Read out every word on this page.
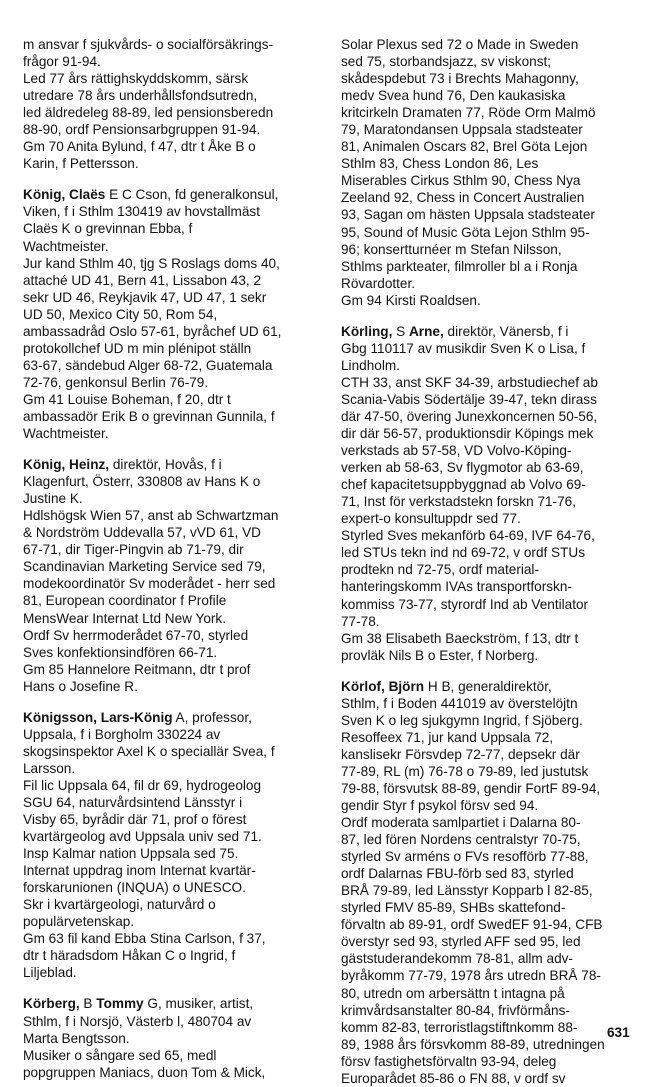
m ansvar f sjukvårds- o socialförsäkrings-
frågor 91-94.
Led 77 års rättighskyddskomm, särsk
utredare 78 års underhållsfondsutredn,
led äldredeleg 88-89, led pensionsberedn
88-90, ordf Pensionsarbgruppen 91-94.
Gm 70 Anita Bylund, f 47, dtr t Åke B o
Karin, f Pettersson.
König, Claës E C Cson, fd generalkonsul,
Viken, f i Sthlm 130419 av hovstallmäst
Claës K o grevinnan Ebba, f
Wachtmeister.
Jur kand Sthlm 40, tjg S Roslags doms 40,
attaché UD 41, Bern 41, Lissabon 43, 2
sekr UD 46, Reykjavik 47, UD 47, 1 sekr
UD 50, Mexico City 50, Rom 54,
ambassadråd Oslo 57-61, byråchef UD 61,
protokollchef UD m min plénipot ställn
63-67, sändebud Alger 68-72, Guatemala
72-76, genkonsul Berlin 76-79.
Gm 41 Louise Boheman, f 20, dtr t
ambassadör Erik B o grevinnan Gunnila, f
Wachtmeister.
König, Heinz, direktör, Hovås, f i
Klagenfurt, Österr, 330808 av Hans K o
Justine K.
Hdlshögsk Wien 57, anst ab Schwartzman
& Nordström Uddevalla 57, vVD 61, VD
67-71, dir Tiger-Pingvin ab 71-79, dir
Scandinavian Marketing Service sed 79,
modekoordinatör Sv moderådet - herr sed
81, European coordinator f Profile
MensWear Internat Ltd New York.
Ordf Sv herrmoderådet 67-70, styrled
Sves konfektionsindfören 66-71.
Gm 85 Hannelore Reitmann, dtr t prof
Hans o Josefine R.
Königsson, Lars-König A, professor,
Uppsala, f i Borgholm 330224 av
skogsinspektor Axel K o speciallär Svea, f
Larsson.
Fil lic Uppsala 64, fil dr 69, hydrogeolog
SGU 64, naturvårdsintend Länsstyr i
Visby 65, byrådir där 71, prof o förest
kvartärgeolog avd Uppsala univ sed 71.
Insp Kalmar nation Uppsala sed 75.
Internat uppdrag inom Internat kvartär-
forskarunionen (INQUA) o UNESCO.
Skr i kvartärgeologi, naturvård o
populärvetenskap.
Gm 63 fil kand Ebba Stina Carlson, f 37,
dtr t häradsdom Håkan C o Ingrid, f
Liljeblad.
Körberg, B Tommy G, musiker, artist,
Sthlm, f i Norsjö, Västerb l, 480704 av
Marta Bengtsson.
Musiker o sångare sed 65, medl
popgruppen Maniacs, duon Tom & Mick,
Solar Plexus sed 72 o Made in Sweden
sed 75, storbandsjazz, sv viskonst;
skådespdebut 73 i Brechts Mahagonny,
medv Svea hund 76, Den kaukasiska
kritcirkeln Dramaten 77, Röde Orm Malmö
79, Maratondansen Uppsala stadsteater
81, Animalen Oscars 82, Brel Göta Lejon
Sthlm 83, Chess London 86, Les
Miserables Cirkus Sthlm 90, Chess Nya
Zeeland 92, Chess in Concert Australien
93, Sagan om hästen Uppsala stadsteater
95, Sound of Music Göta Lejon Sthlm 95-
96; konsertturnéer m Stefan Nilsson,
Sthlms parkteater, filmroller bl a i Ronja
Rövardotter.
Gm 94 Kirsti Roaldsen.
Körling, S Arne, direktör, Vänersb, f i
Gbg 110117 av musikdir Sven K o Lisa, f
Lindholm.
CTH 33, anst SKF 34-39, arbstudiechef ab
Scania-Vabis Södertälje 39-47, tekn dirass
där 47-50, övering Junexkoncernen 50-56,
dir där 56-57, produktionsdir Köpings mek
verkstads ab 57-58, VD Volvo-Köping-
verken ab 58-63, Sv flygmotor ab 63-69,
chef kapacitetsuppbyggnad ab Volvo 69-
71, Inst för verkstadstekn forskn 71-76,
expert-o konsultuppdr sed 77.
Styrled Sves mekanförb 64-69, IVF 64-76,
led STUs tekn ind nd 69-72, v ordf STUs
prodtekn nd 72-75, ordf material-
hanteringskomm IVAs transportforskn-
kommiss 73-77, styrordf Ind ab Ventilator
77-78.
Gm 38 Elisabeth Baeckström, f 13, dtr t
provläk Nils B o Ester, f Norberg.
Körlof, Björn H B, generaldirektör,
Sthlm, f i Boden 441019 av överstelöjtn
Sven K o leg sjukgymn Ingrid, f Sjöberg.
Resoffeex 71, jur kand Uppsala 72,
kanslisekr Försvdep 72-77, depsekr där
77-89, RL (m) 76-78 o 79-89, led justutsk
79-88, försvutsk 88-89, gendir FortF 89-94,
gendir Styr f psykol försv sed 94.
Ordf moderata samlpartiet i Dalarna 80-
87, led fören Nordens centralstyr 70-75,
styrled Sv arméns o FVs resofförb 77-88,
ordf Dalarnas FBU-förb sed 83, styrled
BRÅ 79-89, led Länsstyr Kopparb l 82-85,
styrled FMV 85-89, SHBs skattefond-
förvaltn ab 89-91, ordf SwedEF 91-94, CFB
överstyr sed 93, styrled AFF sed 95, led
gäststuderandekomm 78-81, allm adv-
byråkomm 77-79, 1978 års utredn BRÅ 78-
80, utredn om arbersättn t intagna på
krimvårdsanstalter 80-84, frivförmåns-
komm 82-83, terroristlagstiftnkomm 88-
89, 1988 års försvkomm 88-89, utredningen
försv fastighetsförvaltn 93-94, deleg
Europarådet 85-86 o FN 88, v ordf sv
631
